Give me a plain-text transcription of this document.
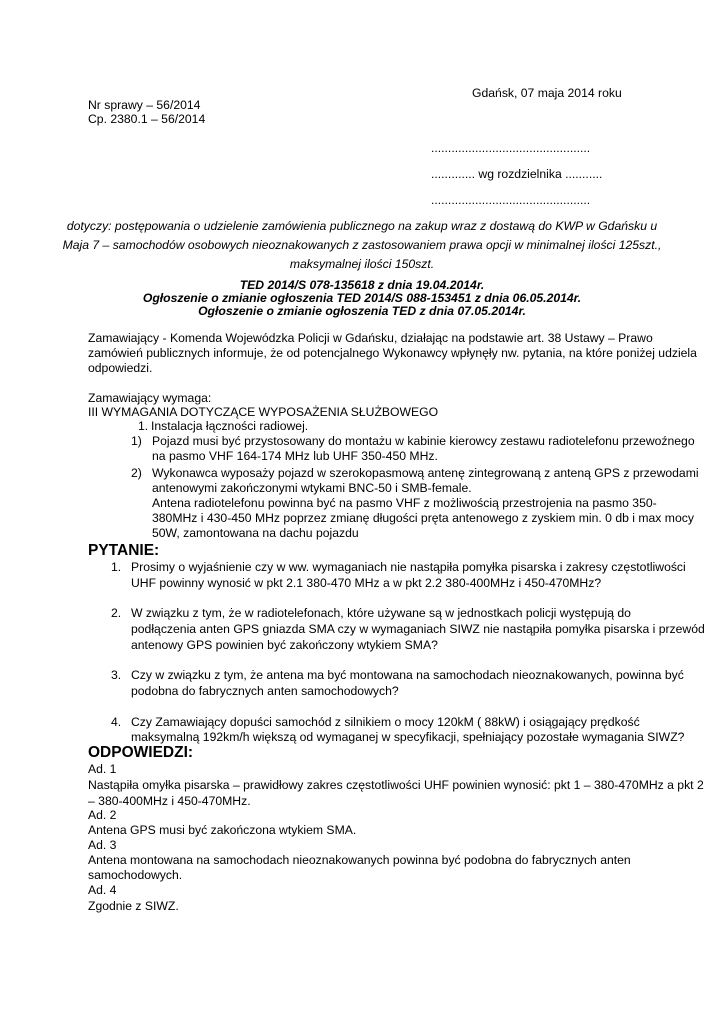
Gdańsk, 07 maja 2014 roku
Nr sprawy – 56/2014
Cp. 2380.1 – 56/2014
...............................................
............. wg rozdzielnika ...........
...............................................
dotyczy: postępowania o udzielenie zamówienia publicznego na zakup wraz z dostawą do KWP w Gdańsku u
Maja 7 – samochodów osobowych nieoznakowanych z zastosowaniem prawa opcji w minimalnej ilości 125szt.,
maksymalnej ilości 150szt.
TED 2014/S 078-135618 z dnia 19.04.2014r.
Ogłoszenie o zmianie ogłoszenia TED 2014/S 088-153451 z dnia 06.05.2014r.
Ogłoszenie o zmianie ogłoszenia TED z dnia 07.05.2014r.
Zamawiający - Komenda Wojewódzka Policji w Gdańsku, działając na podstawie art. 38 Ustawy – Prawo
zamówień publicznych informuje, że od potencjalnego Wykonawcy wpłynęły nw. pytania, na które poniżej udziela
odpowiedzi.
Zamawiający wymaga:
III WYMAGANIA DOTYCZĄCE WYPOSAŻENIA SŁUŻBOWEGO
1. Instalacja łączności radiowej.
1) Pojazd musi być przystosowany do montażu w kabinie kierowcy zestawu radiotelefonu przewoźnego
na pasmo VHF 164-174 MHz lub UHF 350-450 MHz.
2) Wykonawca wyposaży pojazd w szerokopasmową antenę zintegrowaną z anteną GPS z przewodami
antenowymi zakończonymi wtykami BNC-50 i SMB-female.
Antena radiotelefonu powinna być na pasmo VHF z możliwością przestrojenia na pasmo 350-
380MHz i 430-450 MHz poprzez zmianę długości pręta antenowego z zyskiem min. 0 db i max mocy
50W, zamontowana na dachu pojazdu
PYTANIE:
1. Prosimy o wyjaśnienie czy w ww. wymaganiach nie nastąpiła pomyłka pisarska i zakresy częstotliwości
UHF powinny wynosić w pkt 2.1 380-470 MHz a w pkt 2.2 380-400MHz i 450-470MHz?
2. W związku z tym, że w radiotelefonach, które używane są w jednostkach policji występują do
podłączenia anten GPS gniazda SMA czy w wymaganiach SIWZ nie nastąpiła pomyłka pisarska i przewód
antenowy GPS powinien być zakończony wtykiem SMA?
3. Czy w związku z tym, że antena ma być montowana na samochodach nieoznakowanych, powinna być
podobna do fabrycznych anten samochodowych?
4. Czy Zamawiający dopuści samochód z silnikiem o mocy 120kM ( 88kW) i osiągający prędkość
maksymalną 192km/h większą od wymaganej w specyfikacji, spełniający pozostałe wymagania SIWZ?
ODPOWIEDZI:
Ad. 1
Nastąpiła omyłka pisarska – prawidłowy zakres częstotliwości UHF powinien wynosić: pkt 1 – 380-470MHz a pkt 2
– 380-400MHz i 450-470MHz.
Ad. 2
Antena GPS musi być zakończona wtykiem SMA.
Ad. 3
Antena montowana na samochodach nieoznakowanych powinna być podobna do fabrycznych anten
samochodowych.
Ad. 4
Zgodnie z SIWZ.
